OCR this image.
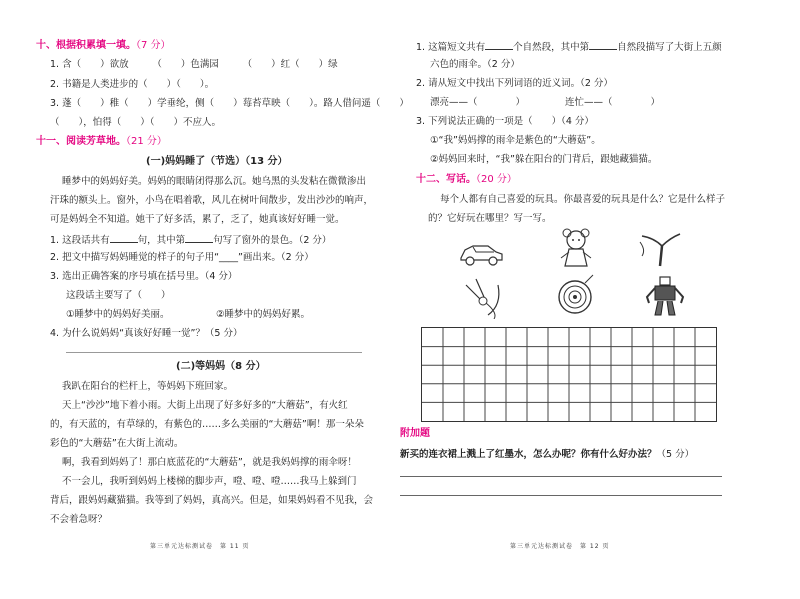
十、根据积累填一填。（7 分）
1. 含（　　）欲放　　　（　　）色满园　　　（　　）红（　　）绿
2. 书籍是人类进步的（　　）（　　）。
3. 蓬（　　）稚（　　）学垂纶，侧（　　）莓苔草映（　　）。路人借问遥（　　）
（　　），怕得（　　）（　　）不应人。
十一、阅读芳草地。（21 分）
(一)妈妈睡了（节选）（13 分）
睡梦中的妈妈好美。妈妈的眼睛闭得那么沉。她乌黑的头发粘在微微渗出
汗珠的额头上。窗外，小鸟在唱着歌，风儿在树叶间散步，发出沙沙的响声，
可是妈妈全不知道。她干了好多活，累了，乏了，她真该好好睡一觉。
1. 这段话共有	句，其中第	句写了窗外的景色。（2 分）
2. 把文中描写妈妈睡觉的样子的句子用“____”画出来。（2 分）
3. 选出正确答案的序号填在括号里。（4 分）
这段话主要写了（　　）
①睡梦中的妈妈好美丽。	②睡梦中的妈妈好累。
4. 为什么说妈妈“真该好好睡一觉”？（5 分）
(二)等妈妈（8 分）
我趴在阳台的栏杆上，等妈妈下班回家。
天上“沙沙”地下着小雨。大街上出现了好多好多的“大蘑菇”，有火红
的，有天蓝的，有草绿的，有紫色的……多么美丽的“大蘑菇”啊！那一朵朵
彩色的“大蘑菇”在大街上流动。
啊，我看到妈妈了！那白底蓝花的“大蘑菇”，就是我妈妈撑的雨伞呀！
不一会儿，我听到妈妈上楼梯的脚步声，噔、噔、噔……我马上躲到门
背后，跟妈妈藏猫猫。我等到了妈妈，真高兴。但是，如果妈妈看不见我，会
不会着急呀？
第三单元达标测试卷　第 11 页
1. 这篇短文共有	个自然段，其中第	自然段描写了大街上五颜
六色的雨伞。（2 分）
2. 请从短文中找出下列词语的近义词。（2 分）
漂亮——（　　　　）	连忙——（　　　　）
3. 下列说法正确的一项是（　　）（4 分）
①“我”妈妈撑的雨伞是紫色的“大蘑菇”。
②妈妈回来时，“我”躲在阳台的门背后，跟她藏猫猫。
十二、写话。（20 分）
每个人都有自己喜爱的玩具。你最喜爱的玩具是什么？它是什么样子
的？它好玩在哪里？写一写。
附加题
新买的连衣裙上溅上了红墨水，怎么办呢？你有什么好办法？（5 分）
第三单元达标测试卷　第 12 页
